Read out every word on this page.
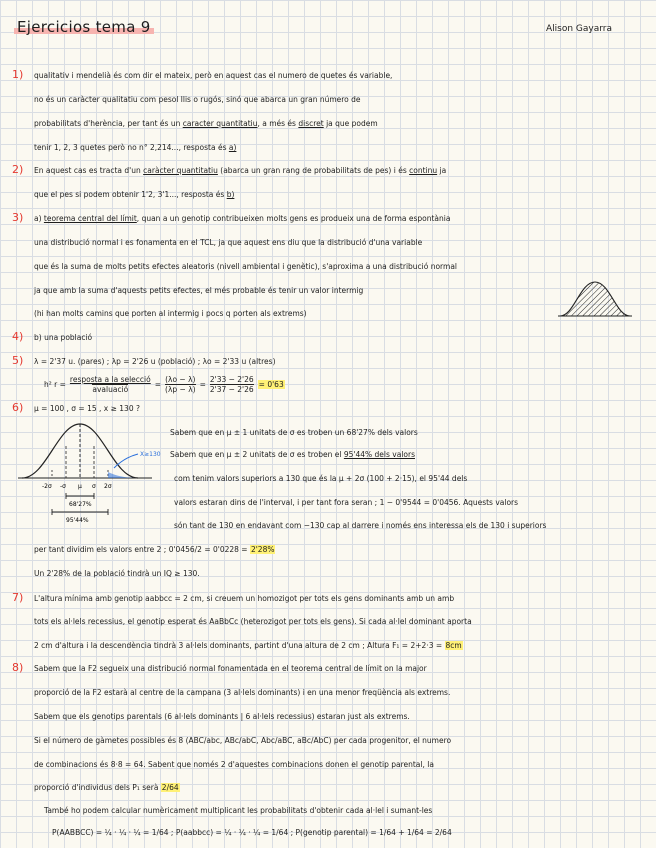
Ejercicios tema 9	Alison Gayarra
1) qualitativ i mendelià és com dir el mateix, però en aquest cas el numero de quetes és variable,
no és un caràcter qualitatiu com pesol llis o rugós, sinó que abarca un gran número de
probabilitats d'herència, per tant és un caracter quantitatiu, a més és discret ja que podem
tenir 1, 2, 3 quetes però no n° 2,214..., resposta és a)
2) En aquest cas es tracta d'un caràcter quantitatiu (abarca un gran rang de probabilitats de pes) i és continu ja
que el pes si podem obtenir 1'2, 3'1..., resposta és b)
3) a) teorema central del límit, quan a un genotip contribueixen molts gens es produeix una de forma espontània
una distribució normal i es fonamenta en el TCL, ja que aquest ens diu que la distribució d'una variable
que és la suma de molts petits efectes aleatoris (nivell ambiental i genètic), s'aproxima a una distribució normal
ja que amb la suma d'aquests petits efectes, el més probable és tenir un valor intermig
(hi han molts camins que porten al intermig i pocs q porten als extrems)
4) b) una població
5) λ = 2'37 u. (pares) ; λp = 2'26 u (població) ; λo = 2'33 u (altres)
h² r =
resposta a la selecció
avaluació
= $\frac{(\lambda o - \lambda)}{(\lambda p - \lambda)} = \frac{2'33 - 2'26}{2'37 - 2'26} = 0'63$
6) μ = 100 , σ = 15 , x ≥ 130 ?
X≥130
-2σ -σ μ σ 2σ
68'27%
95'44%
Sabem que en μ ± 1 unitats de σ es troben un 68'27% dels valors
Sabem que en μ ± 2 unitats de σ es troben el 95'44% dels valors
com tenim valors superiors a 130 que és la μ + 2σ (100 + 2·15), el 95'44 dels
valors estaran dins de l'interval, i per tant fora seran ; 1 − 0'9544 = 0'0456. Aquests valors
són tant de 130 en endavant com −130 cap al darrere i només ens interessa els de 130 i superiors
per tant dividim els valors entre 2 ; 0'0456/2 = 0'0228 = 2'28%
Un 2'28% de la població tindrà un IQ ≥ 130.
7) L'altura mínima amb genotip aabbcc = 2 cm, si creuem un homozigot per tots els gens dominants amb un amb
tots els al·lels recessius, el genotip esperat és AaBbCc (heterozigot per tots els gens). Si cada al·lel dominant aporta
2 cm d'altura i la descendència tindrà 3 al·lels dominants, partint d'una altura de 2 cm ; Altura F₁ = 2+2·3 = 8cm
8) Sabem que la F2 segueix una distribució normal fonamentada en el teorema central de límit on la major
proporció de la F2 estarà al centre de la campana (3 al·lels dominants) i en una menor freqüència als extrems.
Sabem que els genotips parentals (6 al·lels dominants | 6 al·lels recessius) estaran just als extrems.
Si el número de gàmetes possibles és 8 (ABC/abc, ABc/abC, Abc/aBC, aBc/AbC) per cada progenitor, el numero
de combinacions és 8·8 = 64. Sabent que només 2 d'aquestes combinacions donen el genotip parental, la
proporció d'individus dels P₁ serà 2/64
També ho podem calcular numèricament multiplicant les probabilitats d'obtenir cada al·lel i sumant-les
P(AABBCC) = ¼ · ¼ · ¼ = 1/64 ; P(aabbcc) = ¼ · ¼ · ¼ = 1/64 ; P(genotip parental) = 1/64 + 1/64 = 2/64
